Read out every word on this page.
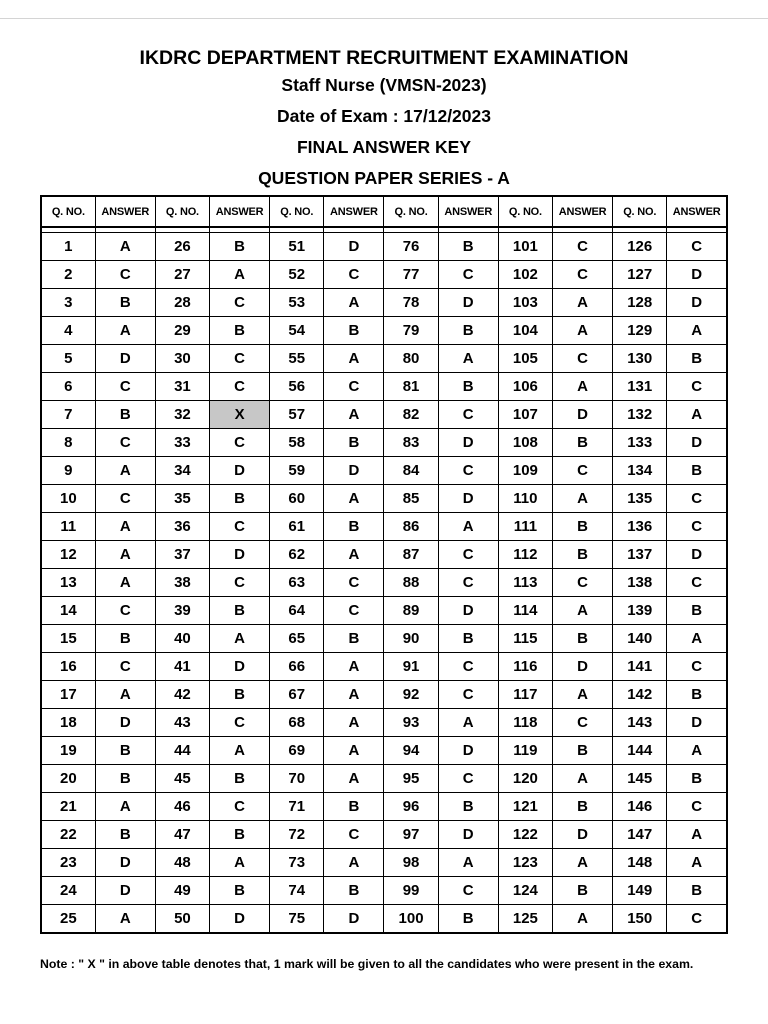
IKDRC DEPARTMENT RECRUITMENT EXAMINATION
Staff Nurse (VMSN-2023)
Date of Exam : 17/12/2023
FINAL ANSWER KEY
QUESTION PAPER SERIES - A
Q. NO.	ANSWER	Q. NO.	ANSWER	Q. NO.	ANSWER	Q. NO.	ANSWER	Q. NO.	ANSWER	Q. NO.	ANSWER

1	A	26	B	51	D	76	B	101	C	126	C
2	C	27	A	52	C	77	C	102	C	127	D
3	B	28	C	53	A	78	D	103	A	128	D
4	A	29	B	54	B	79	B	104	A	129	A
5	D	30	C	55	A	80	A	105	C	130	B
6	C	31	C	56	C	81	B	106	A	131	C
7	B	32	X	57	A	82	C	107	D	132	A
8	C	33	C	58	B	83	D	108	B	133	D
9	A	34	D	59	D	84	C	109	C	134	B
10	C	35	B	60	A	85	D	110	A	135	C
11	A	36	C	61	B	86	A	111	B	136	C
12	A	37	D	62	A	87	C	112	B	137	D
13	A	38	C	63	C	88	C	113	C	138	C
14	C	39	B	64	C	89	D	114	A	139	B
15	B	40	A	65	B	90	B	115	B	140	A
16	C	41	D	66	A	91	C	116	D	141	C
17	A	42	B	67	A	92	C	117	A	142	B
18	D	43	C	68	A	93	A	118	C	143	D
19	B	44	A	69	A	94	D	119	B	144	A
20	B	45	B	70	A	95	C	120	A	145	B
21	A	46	C	71	B	96	B	121	B	146	C
22	B	47	B	72	C	97	D	122	D	147	A
23	D	48	A	73	A	98	A	123	A	148	A
24	D	49	B	74	B	99	C	124	B	149	B
25	A	50	D	75	D	100	B	125	A	150	C
Note : " X " in above table denotes that, 1 mark will be given to all the candidates who were present in the exam.
